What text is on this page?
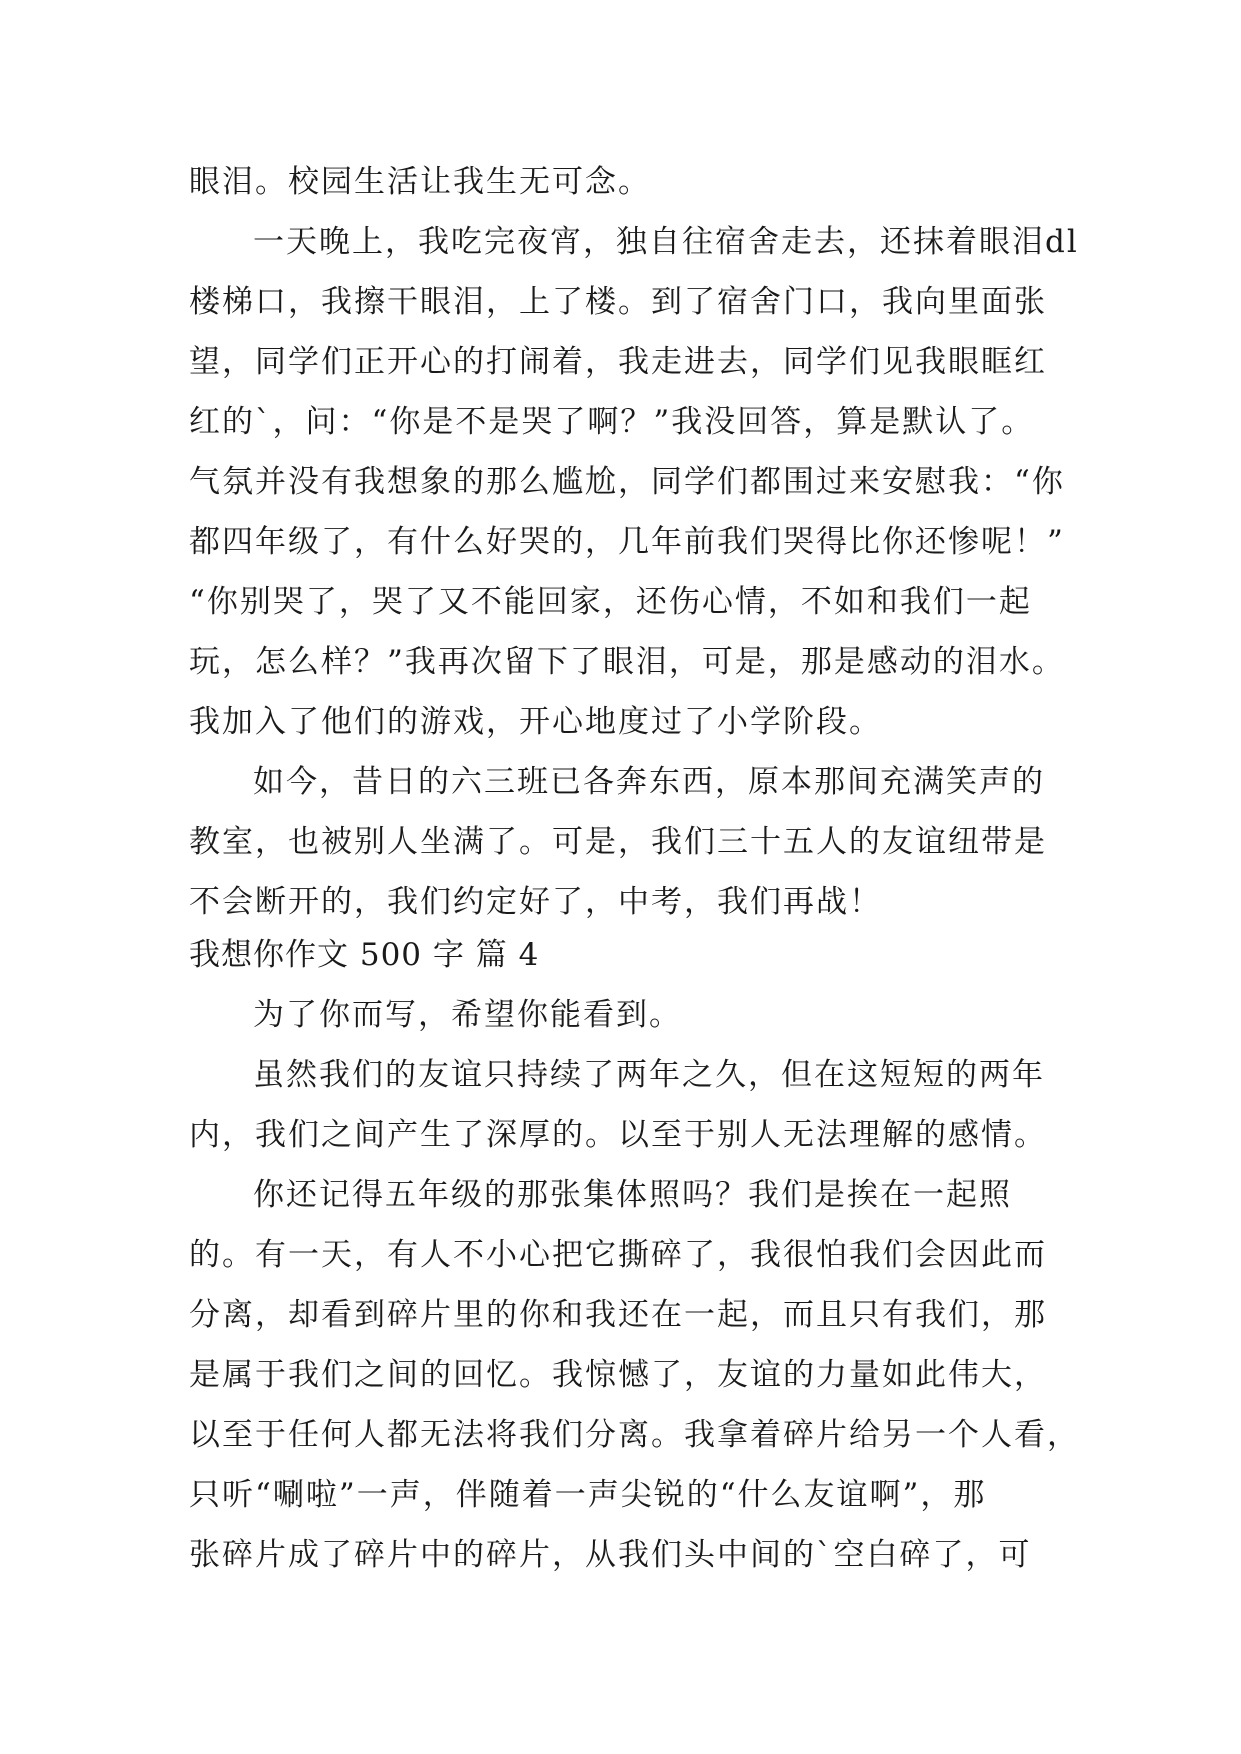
眼泪。校园生活让我生无可念。
一天晚上，我吃完夜宵，独自往宿舍走去，还抹着眼泪dl
楼梯口，我擦干眼泪，上了楼。到了宿舍门口，我向里面张
望，同学们正开心的打闹着，我走进去，同学们见我眼眶红
红的`，问：“你是不是哭了啊？”我没回答，算是默认了。
气氛并没有我想象的那么尴尬，同学们都围过来安慰我：“你
都四年级了，有什么好哭的，几年前我们哭得比你还惨呢！”
“你别哭了，哭了又不能回家，还伤心情，不如和我们一起
玩，怎么样？”我再次留下了眼泪，可是，那是感动的泪水。
我加入了他们的游戏，开心地度过了小学阶段。
如今，昔日的六三班已各奔东西，原本那间充满笑声的
教室，也被别人坐满了。可是，我们三十五人的友谊纽带是
不会断开的，我们约定好了，中考，我们再战！
我想你作文 500 字 篇 4
为了你而写，希望你能看到。
虽然我们的友谊只持续了两年之久，但在这短短的两年
内，我们之间产生了深厚的。以至于别人无法理解的感情。
你还记得五年级的那张集体照吗？我们是挨在一起照
的。有一天，有人不小心把它撕碎了，我很怕我们会因此而
分离，却看到碎片里的你和我还在一起，而且只有我们，那
是属于我们之间的回忆。我惊憾了，友谊的力量如此伟大，
以至于任何人都无法将我们分离。我拿着碎片给另一个人看，
只听“唰啦”一声，伴随着一声尖锐的“什么友谊啊”，那
张碎片成了碎片中的碎片，从我们头中间的`空白碎了，可
